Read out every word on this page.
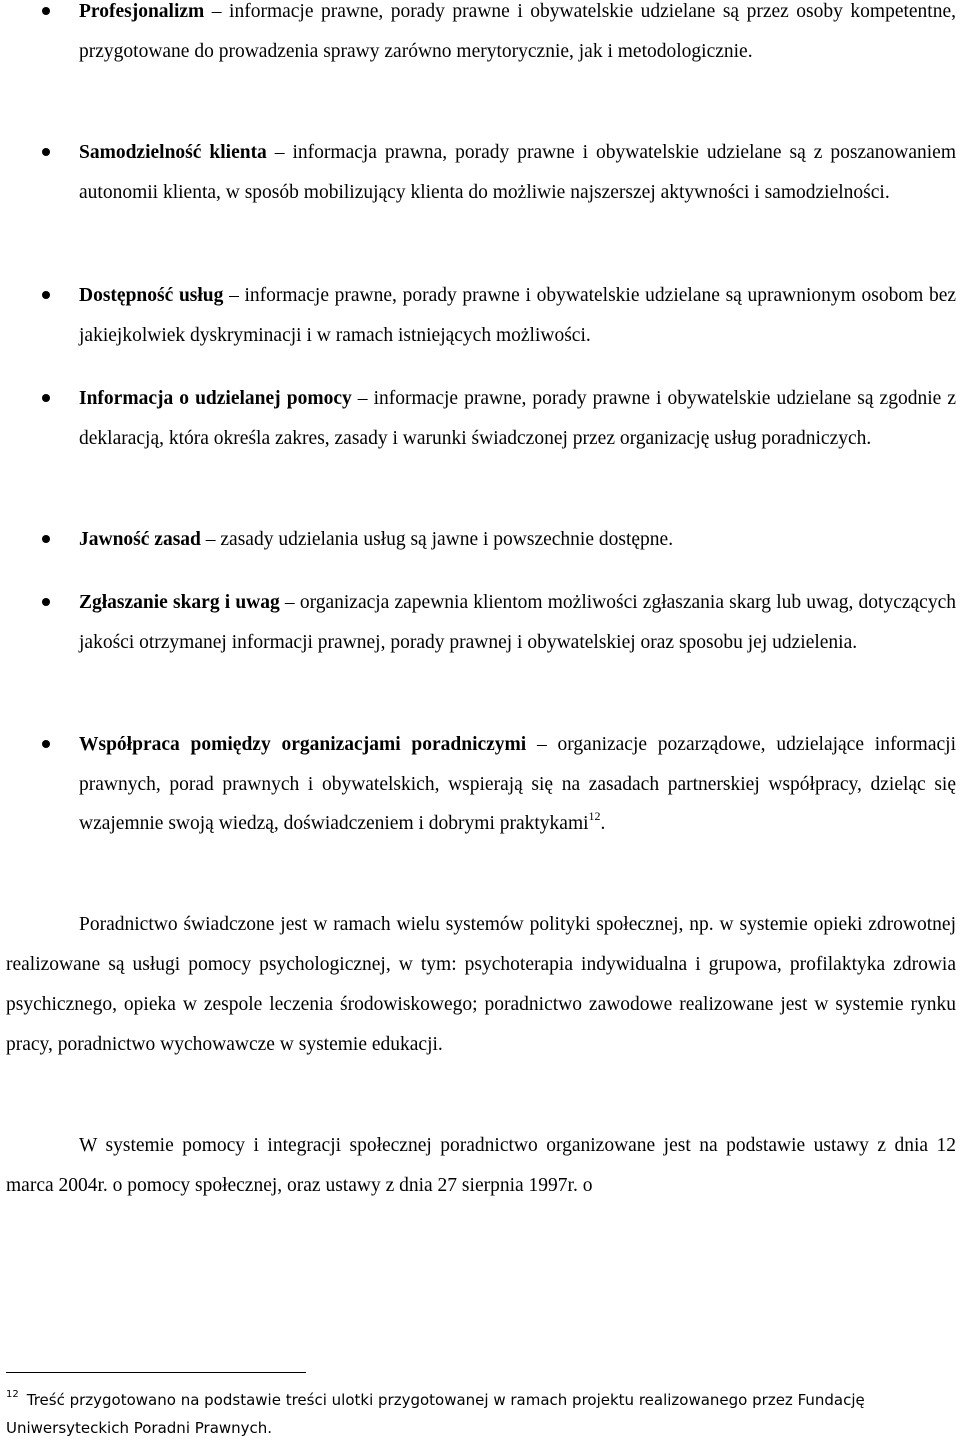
Profesjonalizm – informacje prawne, porady prawne i obywatelskie udzielane są przez osoby kompetentne, przygotowane do prowadzenia sprawy zarówno merytorycznie, jak i metodologicznie.
Samodzielność klienta – informacja prawna, porady prawne i obywatelskie udzielane są z poszanowaniem autonomii klienta, w sposób mobilizujący klienta do możliwie najszerszej aktywności i samodzielności.
Dostępność usług – informacje prawne, porady prawne i obywatelskie udzielane są uprawnionym osobom bez jakiejkolwiek dyskryminacji i w ramach istniejących możliwości.
Informacja o udzielanej pomocy – informacje prawne, porady prawne i obywatelskie udzielane są zgodnie z deklaracją, która określa zakres, zasady i warunki świadczonej przez organizację usług poradniczych.
Jawność zasad – zasady udzielania usług są jawne i powszechnie dostępne.
Zgłaszanie skarg i uwag – organizacja zapewnia klientom możliwości zgłaszania skarg lub uwag, dotyczących jakości otrzymanej informacji prawnej, porady prawnej i obywatelskiej oraz sposobu jej udzielenia.
Współpraca pomiędzy organizacjami poradniczymi – organizacje pozarządowe, udzielające informacji prawnych, porad prawnych i obywatelskich, wspierają się na zasadach partnerskiej współpracy, dzieląc się wzajemnie swoją wiedzą, doświadczeniem i dobrymi praktykami$^{12}$.
Poradnictwo świadczone jest w ramach wielu systemów polityki społecznej, np. w systemie opieki zdrowotnej realizowane są usługi pomocy psychologicznej, w tym: psychoterapia indywidualna i grupowa, profilaktyka zdrowia psychicznego, opieka w zespole leczenia środowiskowego; poradnictwo zawodowe realizowane jest w systemie rynku pracy, poradnictwo wychowawcze w systemie edukacji.
W systemie pomocy i integracji społecznej poradnictwo organizowane jest na podstawie ustawy z dnia 12 marca 2004r. o pomocy społecznej, oraz ustawy z dnia 27 sierpnia 1997r. o
$^{12}$ Treść przygotowano na podstawie treści ulotki przygotowanej w ramach projektu realizowanego przez Fundację Uniwersyteckich Poradni Prawnych.
